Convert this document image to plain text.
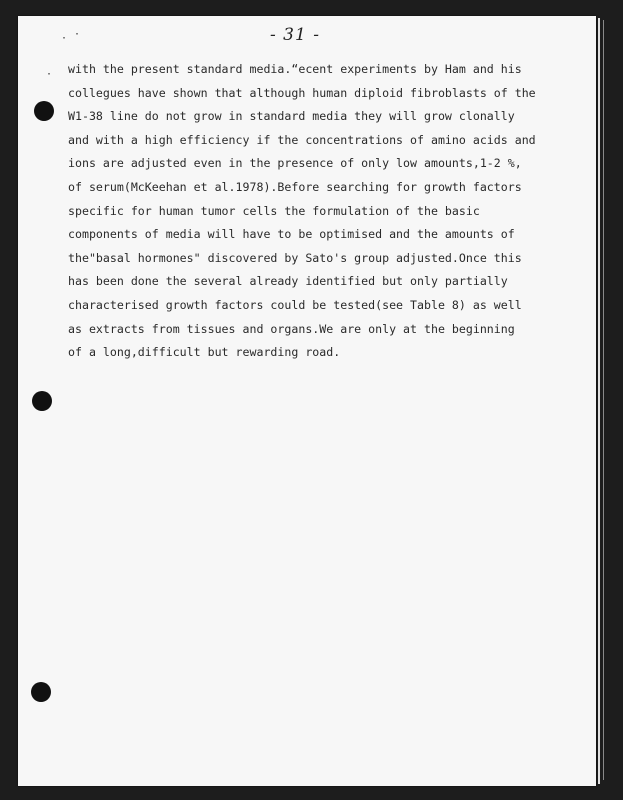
· ·
·
- 31 -
with the present standard media.“ecent experiments by Ham and his
collegues have shown that although human diploid fibroblasts of the
W1-38 line do not grow in standard media they will grow clonally
and with a high efficiency if the concentrations of amino acids and
ions are adjusted even in the presence of only low amounts,1-2 %,
of serum(McKeehan et al.1978).Before searching for growth factors
specific for human tumor cells the formulation of the basic
components of media will have to be optimised and the amounts of
the"basal hormones" discovered by Sato's group adjusted.Once this
has been done the several already identified but only partially
characterised growth factors could be tested(see Table 8) as well
as extracts from tissues and organs.We are only at the beginning
of a long,difficult but rewarding road.
